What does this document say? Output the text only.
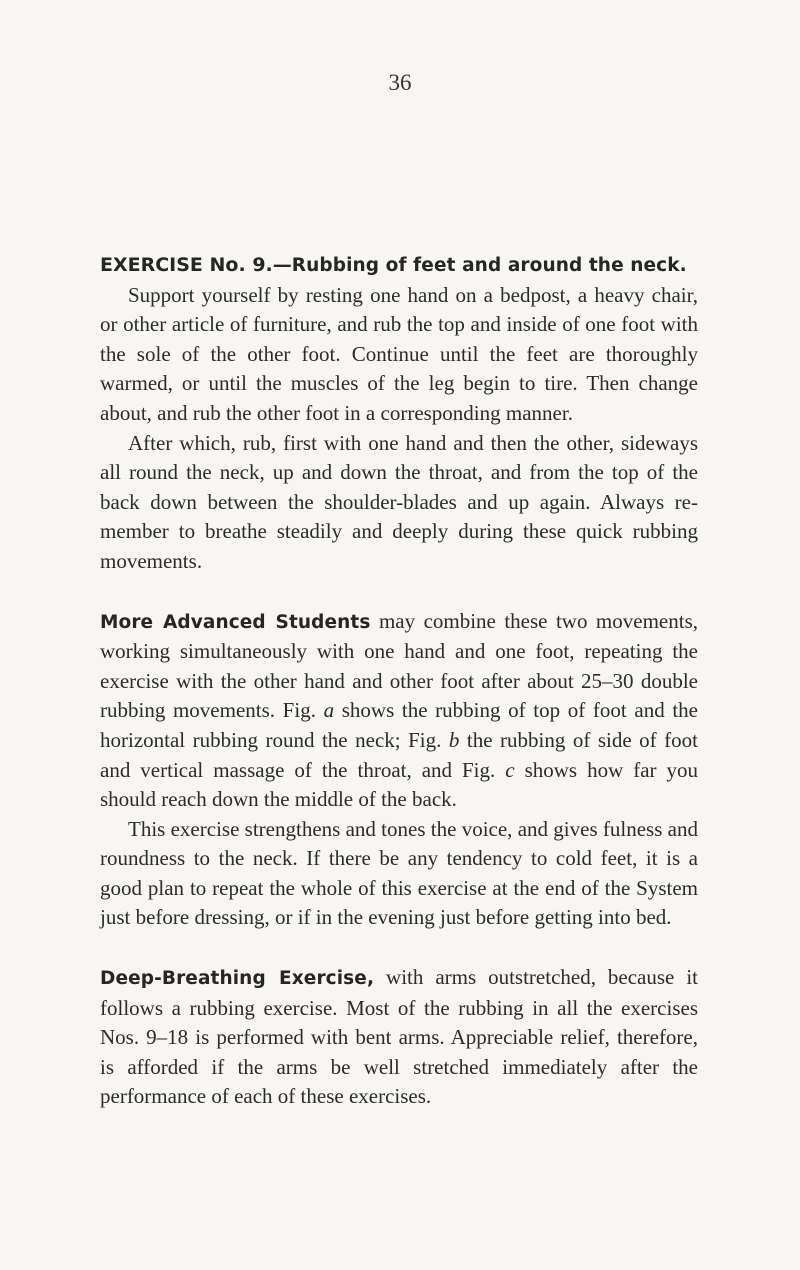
36

EXERCISE No. 9.—Rubbing of feet and around the neck.

Support yourself by resting one hand on a bedpost, a heavy chair, or other article of furniture, and rub the top and inside of one foot with the sole of the other foot. Continue until the feet are thoroughly warmed, or until the muscles of the leg begin to tire. Then change about, and rub the other foot in a corresponding manner.

After which, rub, first with one hand and then the other, sideways all round the neck, up and down the throat, and from the top of the back down between the shoulder-blades and up again. Always remember to breathe steadily and deeply during these quick rubbing movements.

More Advanced Students may combine these two movements, working simultaneously with one hand and one foot, repeating the exercise with the other hand and other foot after about 25–30 double rubbing movements. Fig. a shows the rubbing of top of foot and the horizontal rubbing round the neck; Fig. b the rubbing of side of foot and vertical massage of the throat, and Fig. c shows how far you should reach down the middle of the back.

This exercise strengthens and tones the voice, and gives fulness and roundness to the neck. If there be any tendency to cold feet, it is a good plan to repeat the whole of this exercise at the end of the System just before dressing, or if in the evening just before getting into bed.

Deep-Breathing Exercise, with arms outstretched, because it follows a rubbing exercise. Most of the rubbing in all the exercises Nos. 9–18 is performed with bent arms. Appreciable relief, therefore, is afforded if the arms be well stretched immediately after the performance of each of these exercises.
